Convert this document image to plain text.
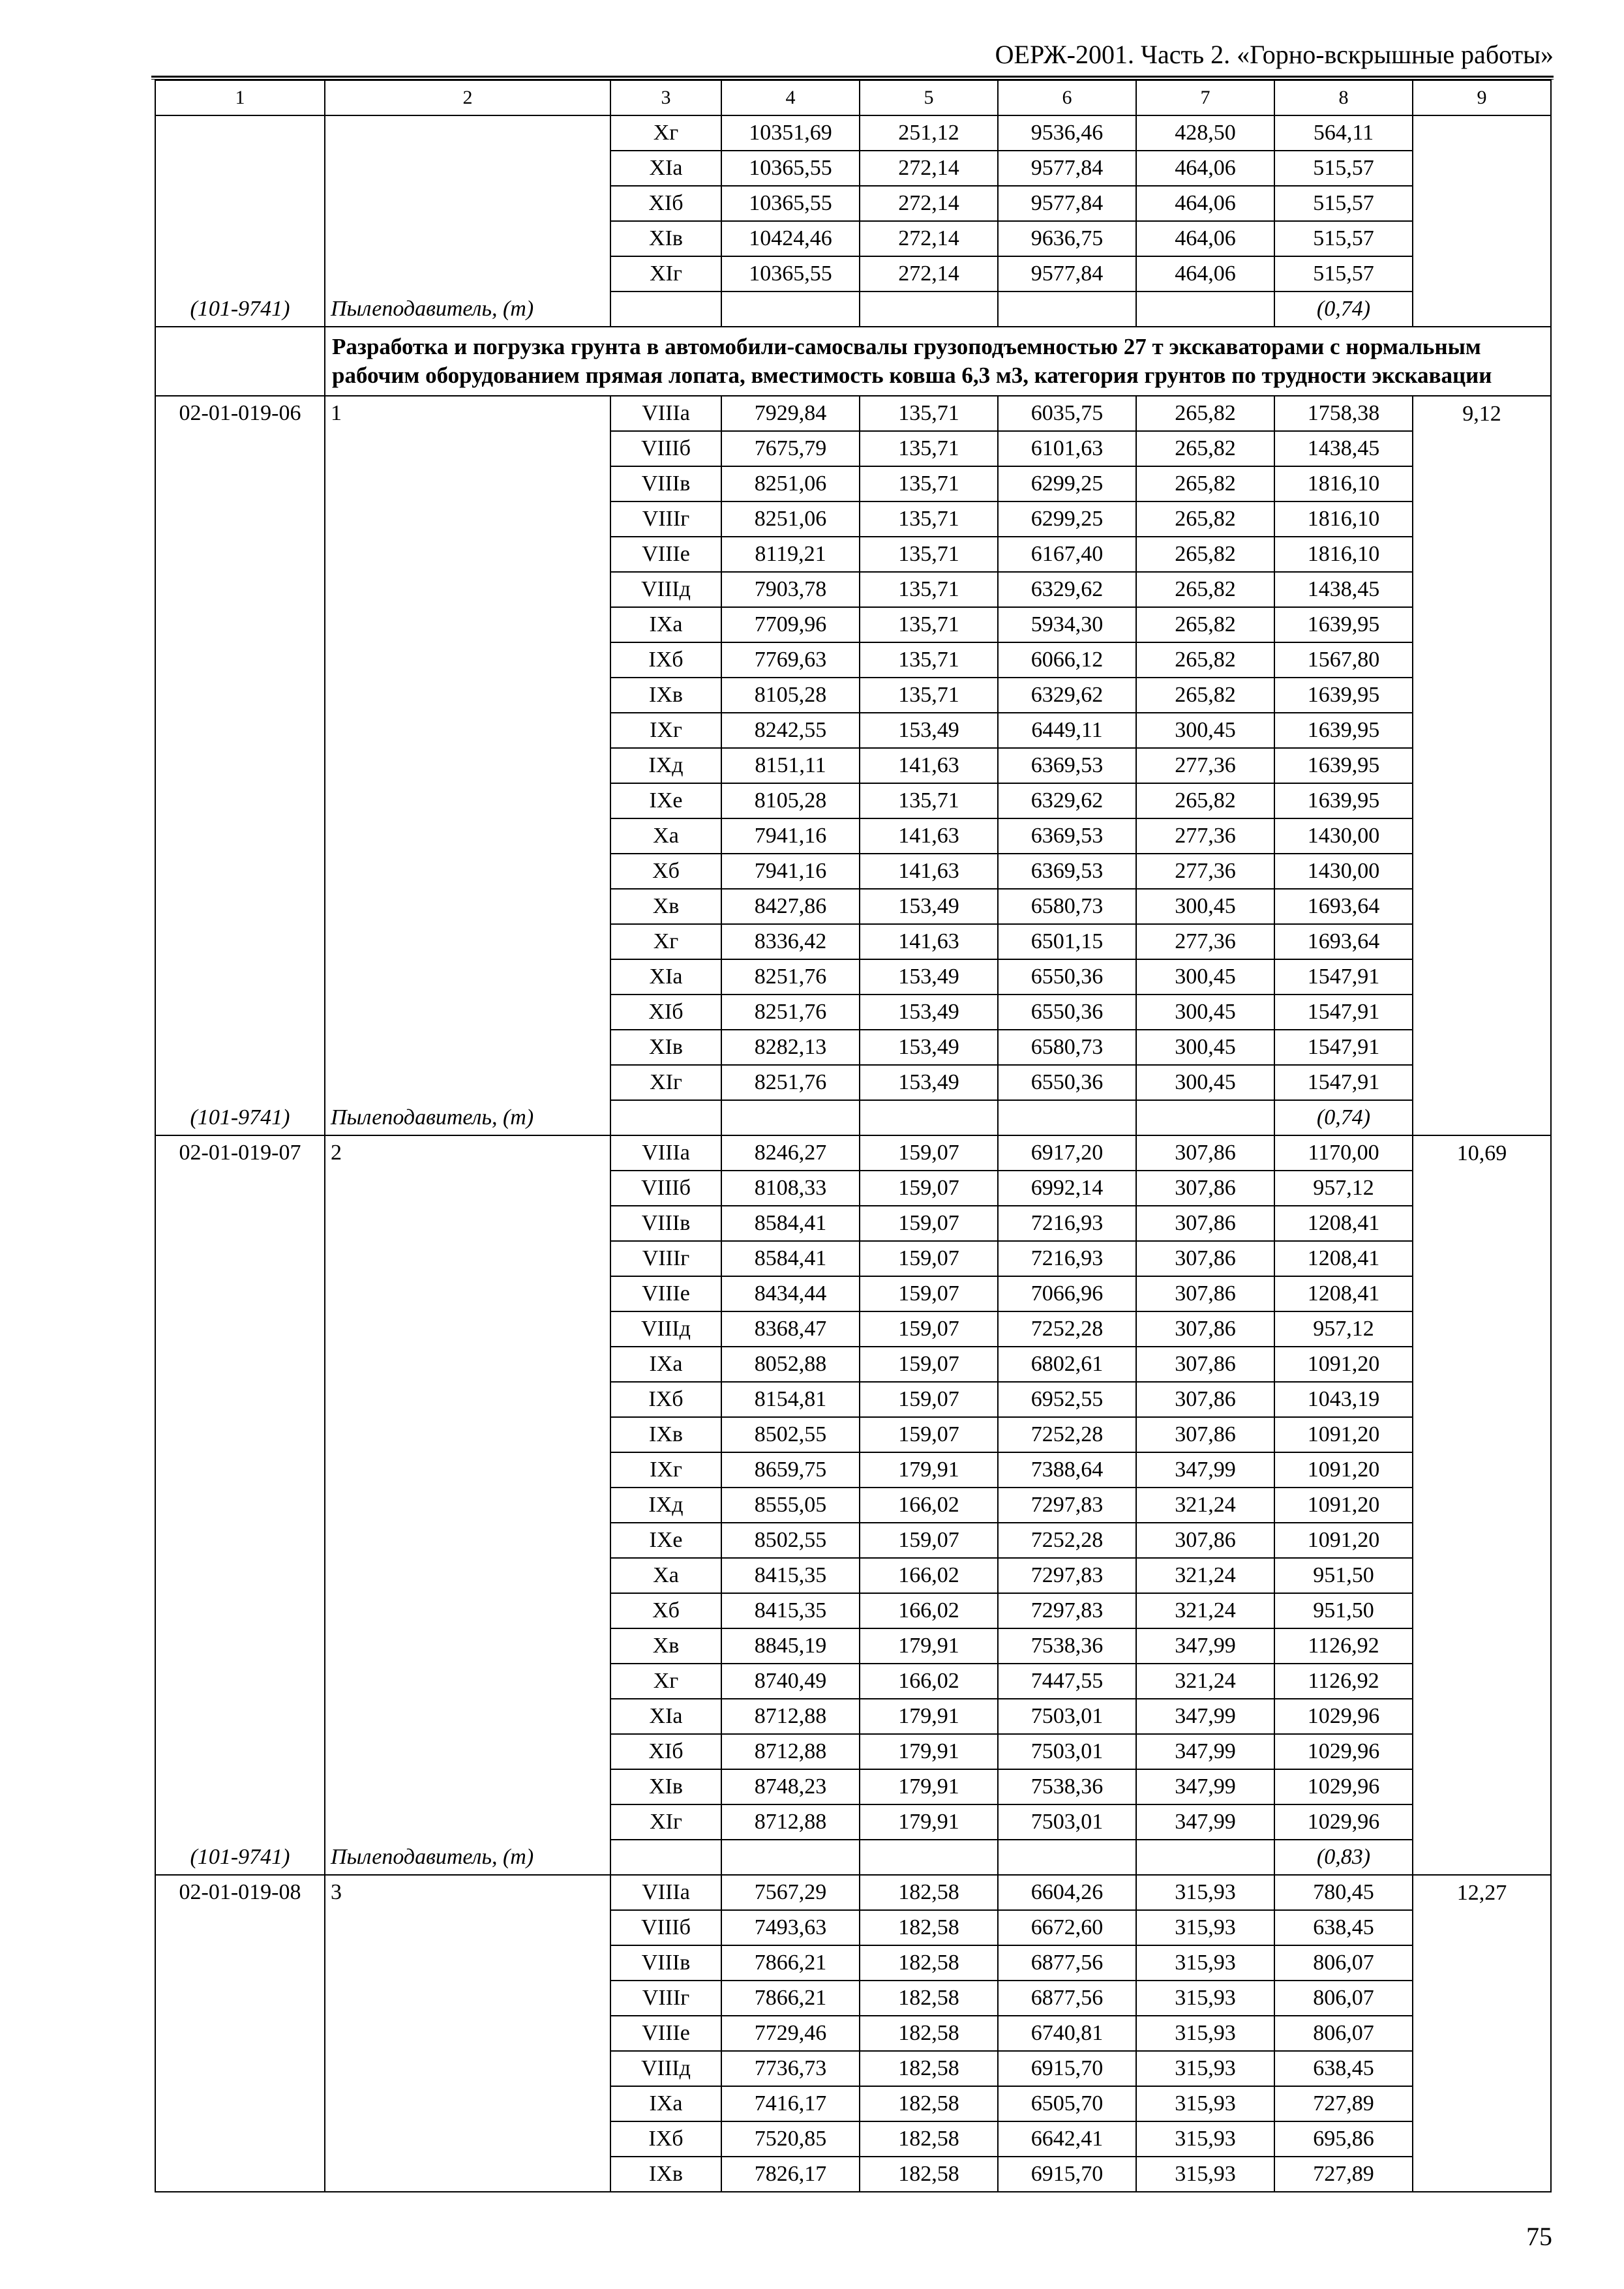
ОЕРЖ-2001. Часть 2. «Горно-вскрышные работы»
1	2	3	4	5	6	7	8	9
		Xг	10351,69	251,12	9536,46	428,50	564,11	
		XIа	10365,55	272,14	9577,84	464,06	515,57	
		XIб	10365,55	272,14	9577,84	464,06	515,57	
		XIв	10424,46	272,14	9636,75	464,06	515,57	
		XIг	10365,55	272,14	9577,84	464,06	515,57	
(101-9741)	Пылеподавитель, (т)						(0,74)	
	Разработка и погрузка грунта в автомобили-самосвалы грузоподъемностью 27 т экскаваторами с нормальным рабочим оборудованием прямая лопата, вместимость ковша 6,3 м3, категория грунтов по трудности экскавации							
02-01-019-06	1	VIIIа	7929,84	135,71	6035,75	265,82	1758,38	9,12
		VIIIб	7675,79	135,71	6101,63	265,82	1438,45	
		VIIIв	8251,06	135,71	6299,25	265,82	1816,10	
		VIIIг	8251,06	135,71	6299,25	265,82	1816,10	
		VIIIе	8119,21	135,71	6167,40	265,82	1816,10	
		VIIIд	7903,78	135,71	6329,62	265,82	1438,45	
		IXа	7709,96	135,71	5934,30	265,82	1639,95	
		IXб	7769,63	135,71	6066,12	265,82	1567,80	
		IXв	8105,28	135,71	6329,62	265,82	1639,95	
		IXг	8242,55	153,49	6449,11	300,45	1639,95	
		IXд	8151,11	141,63	6369,53	277,36	1639,95	
		IXе	8105,28	135,71	6329,62	265,82	1639,95	
		Xа	7941,16	141,63	6369,53	277,36	1430,00	
		Xб	7941,16	141,63	6369,53	277,36	1430,00	
		Xв	8427,86	153,49	6580,73	300,45	1693,64	
		Xг	8336,42	141,63	6501,15	277,36	1693,64	
		XIа	8251,76	153,49	6550,36	300,45	1547,91	
		XIб	8251,76	153,49	6550,36	300,45	1547,91	
		XIв	8282,13	153,49	6580,73	300,45	1547,91	
		XIг	8251,76	153,49	6550,36	300,45	1547,91	
(101-9741)	Пылеподавитель, (т)						(0,74)	
02-01-019-07	2	VIIIа	8246,27	159,07	6917,20	307,86	1170,00	10,69
		VIIIб	8108,33	159,07	6992,14	307,86	957,12	
		VIIIв	8584,41	159,07	7216,93	307,86	1208,41	
		VIIIг	8584,41	159,07	7216,93	307,86	1208,41	
		VIIIе	8434,44	159,07	7066,96	307,86	1208,41	
		VIIIд	8368,47	159,07	7252,28	307,86	957,12	
		IXа	8052,88	159,07	6802,61	307,86	1091,20	
		IXб	8154,81	159,07	6952,55	307,86	1043,19	
		IXв	8502,55	159,07	7252,28	307,86	1091,20	
		IXг	8659,75	179,91	7388,64	347,99	1091,20	
		IXд	8555,05	166,02	7297,83	321,24	1091,20	
		IXе	8502,55	159,07	7252,28	307,86	1091,20	
		Xа	8415,35	166,02	7297,83	321,24	951,50	
		Xб	8415,35	166,02	7297,83	321,24	951,50	
		Xв	8845,19	179,91	7538,36	347,99	1126,92	
		Xг	8740,49	166,02	7447,55	321,24	1126,92	
		XIа	8712,88	179,91	7503,01	347,99	1029,96	
		XIб	8712,88	179,91	7503,01	347,99	1029,96	
		XIв	8748,23	179,91	7538,36	347,99	1029,96	
		XIг	8712,88	179,91	7503,01	347,99	1029,96	
(101-9741)	Пылеподавитель, (т)						(0,83)	
02-01-019-08	3	VIIIа	7567,29	182,58	6604,26	315,93	780,45	12,27
		VIIIб	7493,63	182,58	6672,60	315,93	638,45	
		VIIIв	7866,21	182,58	6877,56	315,93	806,07	
		VIIIг	7866,21	182,58	6877,56	315,93	806,07	
		VIIIе	7729,46	182,58	6740,81	315,93	806,07	
		VIIIд	7736,73	182,58	6915,70	315,93	638,45	
		IXа	7416,17	182,58	6505,70	315,93	727,89	
		IXб	7520,85	182,58	6642,41	315,93	695,86	
		IXв	7826,17	182,58	6915,70	315,93	727,89	
75
